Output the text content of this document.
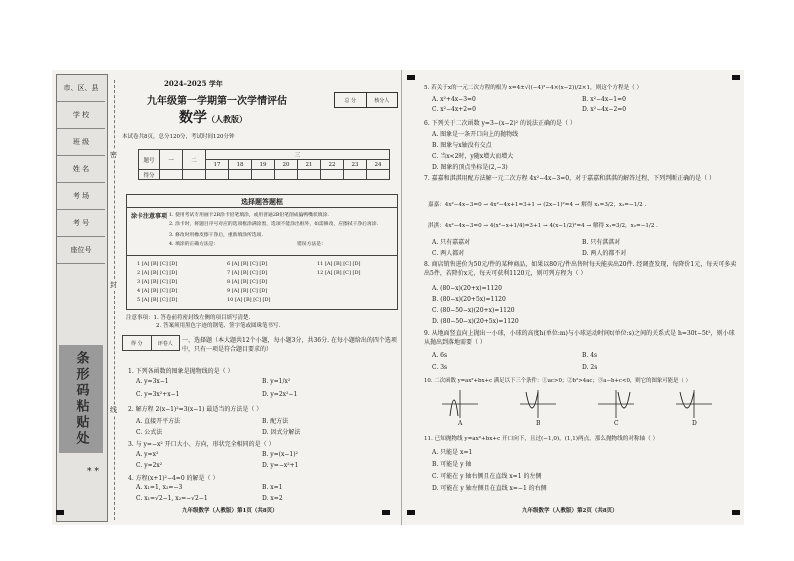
市、区、县
学 校
班 级
姓 名
考 场
考 号
座位号
条形码粘贴处
* *
密
封
线
2024–2025 学年
九年级第一学期第一次学情评估
数学（人教版）
总 分	核分人
本试卷共8页，总分120分，考试时间120分钟
题号	一	二	三							
			17	18	19	20	21	22	23	24
得分										
选择题答题框
涂卡注意事项 1. 使用考试专用画卡2B涂卡铅笔填涂，或用普通2B铅笔削成偏鸭嘴状填涂.
2. 涂卡时，将题目序号对应的选项框涂满涂黑，选项不能涂出框外，如需修改，应擦拭干净后再涂.
3. 修改时用橡皮擦干净后，重新填涂所选项.
4. 填涂的正确方法是：	错误方法是：
1 [A] [B] [C] [D]	6 [A] [B] [C] [D]	11 [A] [B] [C] [D]
2 [A] [B] [C] [D]	7 [A] [B] [C] [D]	12 [A] [B] [C] [D]
3 [A] [B] [C] [D]	8 [A] [B] [C] [D]
4 [A] [B] [C] [D]	9 [A] [B] [C] [D]
5 [A] [B] [C] [D]	10 [A] [B] [C] [D]
注意事项：1. 答卷前将密封线左侧的项目填写清楚.
2. 答案须用黑色字迹的钢笔、签字笔或圆珠笔书写.
得 分	评卷人	一、选择题（本大题共12个小题，每小题3分，共36分. 在每小题给出的四个选项中，只有一项是符合题目要求的）
1. 下列各函数的图象是抛物线的是（ ）
A. y=3x−1	B. y=1/x²
C. y=3x²+x−1	D. y=2x²−1
2. 解方程 2(x−1)²=3(x−1) 最适当的方法是（ ）
A. 直接开平方法	B. 配方法
C. 公式法	D. 因式分解法
3. 与 y=−x² 开口大小、方向，形状完全相同的是（ ）
A. y=x²	B. y=(x−1)²
C. y=2x²	D. y=−x²+1
4. 方程(x+1)²−4=0 的解是（ ）
A. x₁=1, x₂=−3	B. x=1
C. x₁=√2−1, x₂=−√2−1	D. x=2
九年级数学（人教版）第1页（共8页）
5. 若关于x的一元二次方程的根为 x=4±√((−4)²−4×(x−2))/2×1，则这个方程是（ ）
A. x²+4x−3=0	B. x²−4x−1=0
C. x²−4x+2=0	D. x²−4x−2=0
6. 下列关于二次函数 y=3−(x−2)² 的说法正确的是（ ）
A. 图象是一条开口向上的抛物线
B. 图象与x轴没有交点
C. 当x<2时，y随x增大而增大
D. 图象的顶点坐标是(2,−3)
7. 嘉嘉和淇淇用配方法解一元二次方程 4x²−4x−3=0，对于嘉嘉和淇淇的解答过程，下列判断正确的是（ ）
嘉嘉：4x²−4x−3=0 → 4x²−4x+1=3+1 → (2x−1)²=4 → 解得 x₁=3/2，x₂=−1/2 .
淇淇：4x²−4x−3=0 → 4(x²−x+1/4)=3+1 → 4(x−1/2)²=4 → 解得 x₁=3/2，x₂=−1/2 .
A. 只有嘉嘉对	B. 只有淇淇对
C. 两人都对	D. 两人的都不对
8. 商店销售进价为50元/件的某种商品，如果以80元/件出售时每天能卖出20件. 经调查发现，每降价1元，每天可多卖出5件，若降价x元，每天可获利1120元，则可列方程为（ ）
A. (80−x)(20+x)=1120
B. (80−x)(20+5x)=1120
C. (80−50−x)(20+x)=1120
D. (80−50−x)(20+5x)=1120
9. 从地面竖直向上抛出一小球，小球的高度h(单位:m)与小球运动时间t(单位:s)之间的关系式是 h=30t−5t²，则小球从抛出到落地需要（ ）
A. 6s	B. 4s
C. 3s	D. 2s
10. 二次函数 y=ax²+bx+c 满足以下三个条件：①ac>0；②b²>4ac；③a−b+c<0，则它的图象可能是（ ）
A	B	C	D
11. 已知抛物线 y=ax²+bx+c 开口向下，且过(−1,0)，(1,1)两点，那么抛物线的对称轴（ ）
A. 只能是 x=1
B. 可能是 y 轴
C. 可能在 y 轴右侧且在直线 x=1 的左侧
D. 可能在 y 轴左侧且在直线 x=−1 的右侧
九年级数学（人教版）第2页（共8页）
